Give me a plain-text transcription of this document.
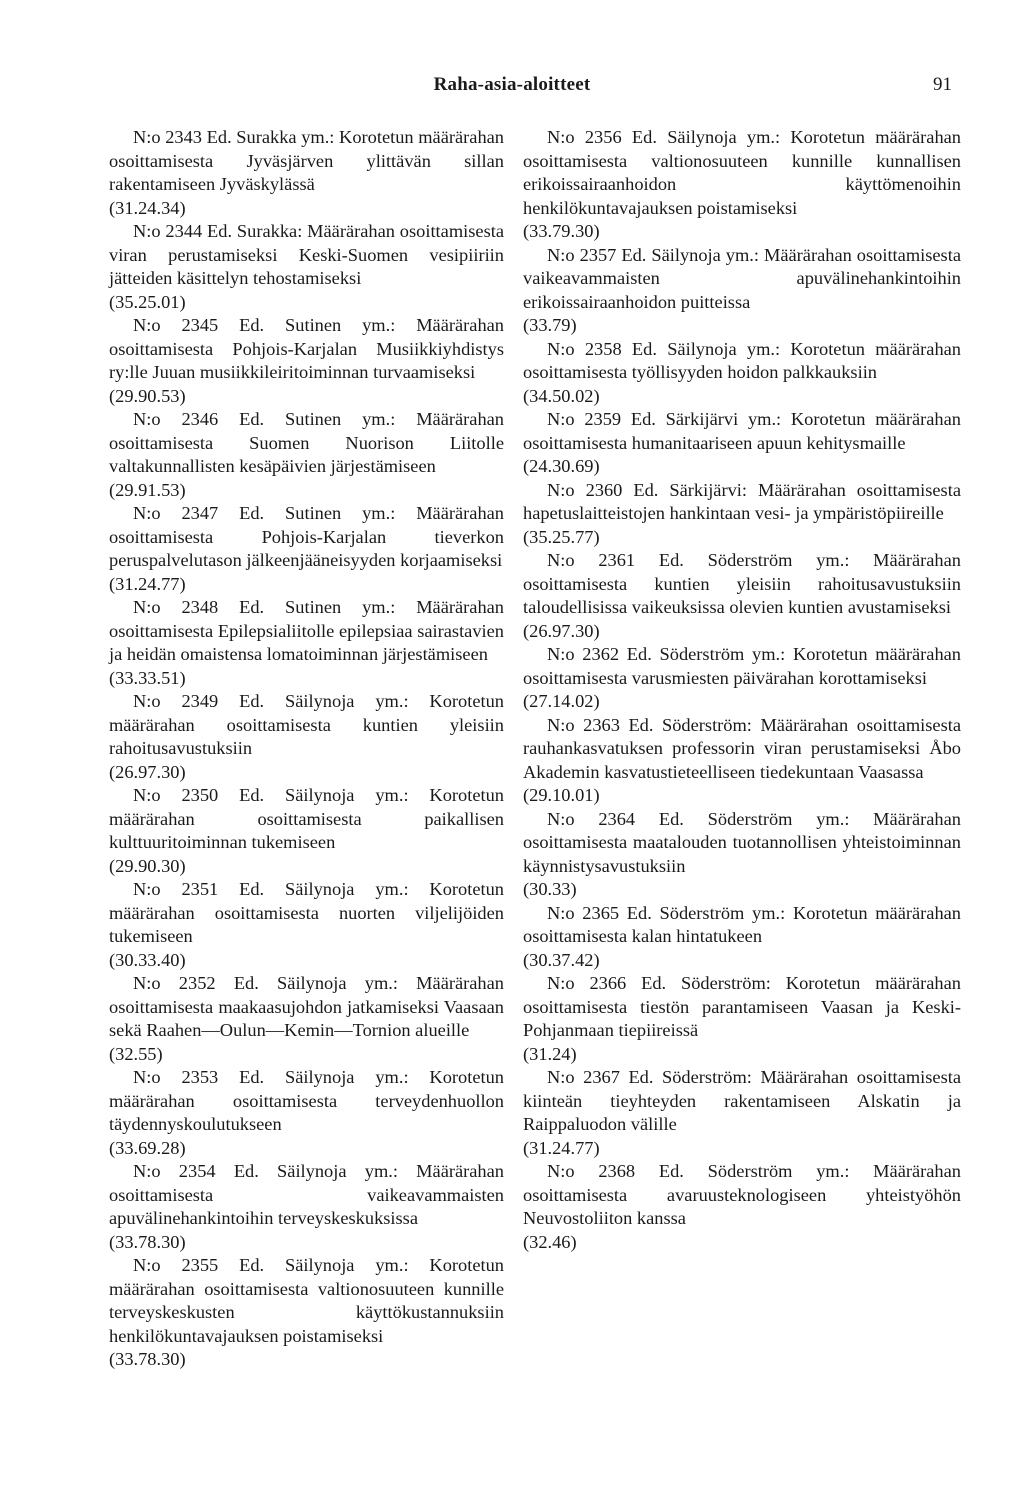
Raha-asia-aloitteet	91

N:o 2343 Ed. Surakka ym.: Korotetun määrärahan osoittamisesta Jyväsjärven ylittävän sillan rakentamiseen Jyväskylässä

(31.24.34)

N:o 2344 Ed. Surakka: Määrärahan osoittamisesta viran perustamiseksi Keski-Suomen vesipiiriin jätteiden käsittelyn tehostamiseksi

(35.25.01)

N:o 2345 Ed. Sutinen ym.: Määrärahan osoittamisesta Pohjois-Karjalan Musiikkiyhdistys ry:lle Juuan musiikkileiritoiminnan turvaamiseksi

(29.90.53)

N:o 2346 Ed. Sutinen ym.: Määrärahan osoittamisesta Suomen Nuorison Liitolle valtakunnallisten kesäpäivien järjestämiseen

(29.91.53)

N:o 2347 Ed. Sutinen ym.: Määrärahan osoittamisesta Pohjois-Karjalan tieverkon peruspalvelutason jälkeenjääneisyyden korjaamiseksi

(31.24.77)

N:o 2348 Ed. Sutinen ym.: Määrärahan osoittamisesta Epilepsialiitolle epilepsiaa sairastavien ja heidän omaistensa lomatoiminnan järjestämiseen

(33.33.51)

N:o 2349 Ed. Säilynoja ym.: Korotetun määrärahan osoittamisesta kuntien yleisiin rahoitusavustuksiin

(26.97.30)

N:o 2350 Ed. Säilynoja ym.: Korotetun määrärahan osoittamisesta paikallisen kulttuuritoiminnan tukemiseen

(29.90.30)

N:o 2351 Ed. Säilynoja ym.: Korotetun määrärahan osoittamisesta nuorten viljelijöiden tukemiseen

(30.33.40)

N:o 2352 Ed. Säilynoja ym.: Määrärahan osoittamisesta maakaasujohdon jatkamiseksi Vaasaan sekä Raahen—Oulun—Kemin—Tornion alueille

(32.55)

N:o 2353 Ed. Säilynoja ym.: Korotetun määrärahan osoittamisesta terveydenhuollon täydennyskoulutukseen

(33.69.28)

N:o 2354 Ed. Säilynoja ym.: Määrärahan osoittamisesta vaikeavammaisten apuvälinehankintoihin terveyskeskuksissa

(33.78.30)

N:o 2355 Ed. Säilynoja ym.: Korotetun määrärahan osoittamisesta valtionosuuteen kunnille terveyskeskusten käyttökustannuksiin henkilökuntavajauksen poistamiseksi

(33.78.30)

N:o 2356 Ed. Säilynoja ym.: Korotetun määrärahan osoittamisesta valtionosuuteen kunnille kunnallisen erikoissairaanhoidon käyttömenoihin henkilökuntavajauksen poistamiseksi

(33.79.30)

N:o 2357 Ed. Säilynoja ym.: Määrärahan osoittamisesta vaikeavammaisten apuvälinehankintoihin erikoissairaanhoidon puitteissa

(33.79)

N:o 2358 Ed. Säilynoja ym.: Korotetun määrärahan osoittamisesta työllisyyden hoidon palkkauksiin

(34.50.02)

N:o 2359 Ed. Särkijärvi ym.: Korotetun määrärahan osoittamisesta humanitaariseen apuun kehitysmaille

(24.30.69)

N:o 2360 Ed. Särkijärvi: Määrärahan osoittamisesta hapetuslaitteistojen hankintaan vesi- ja ympäristöpiireille

(35.25.77)

N:o 2361 Ed. Söderström ym.: Määrärahan osoittamisesta kuntien yleisiin rahoitusavustuksiin taloudellisissa vaikeuksissa olevien kuntien avustamiseksi

(26.97.30)

N:o 2362 Ed. Söderström ym.: Korotetun määrärahan osoittamisesta varusmiesten päivärahan korottamiseksi

(27.14.02)

N:o 2363 Ed. Söderström: Määrärahan osoittamisesta rauhankasvatuksen professorin viran perustamiseksi Åbo Akademin kasvatustieteelliseen tiedekuntaan Vaasassa

(29.10.01)

N:o 2364 Ed. Söderström ym.: Määrärahan osoittamisesta maatalouden tuotannollisen yhteistoiminnan käynnistysavustuksiin

(30.33)

N:o 2365 Ed. Söderström ym.: Korotetun määrärahan osoittamisesta kalan hintatukeen

(30.37.42)

N:o 2366 Ed. Söderström: Korotetun määrärahan osoittamisesta tiestön parantamiseen Vaasan ja Keski-Pohjanmaan tiepiireissä

(31.24)

N:o 2367 Ed. Söderström: Määrärahan osoittamisesta kiinteän tieyhteyden rakentamiseen Alskatin ja Raippaluodon välille

(31.24.77)

N:o 2368 Ed. Söderström ym.: Määrärahan osoittamisesta avaruusteknologiseen yhteistyöhön Neuvostoliiton kanssa

(32.46)
